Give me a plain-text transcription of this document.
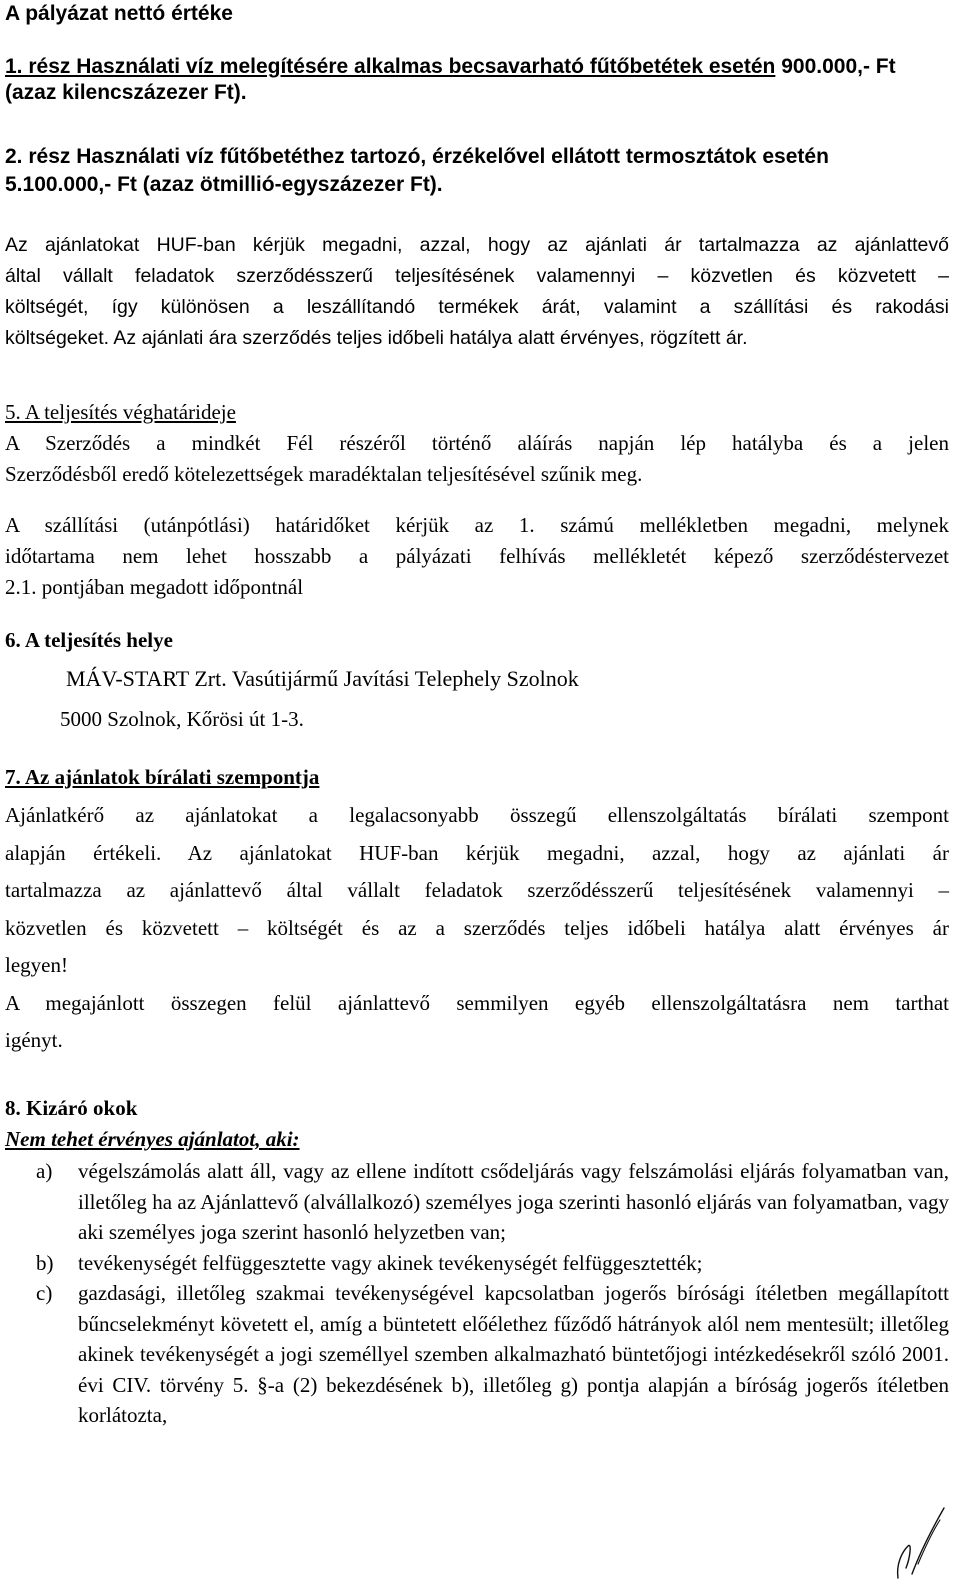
A pályázat nettó értéke
1. rész Használati víz melegítésére alkalmas becsavarható fűtőbetétek esetén 900.000,- Ft
(azaz kilencszázezer Ft).
2. rész Használati víz fűtőbetéthez tartozó, érzékelővel ellátott termosztátok esetén
5.100.000,- Ft (azaz ötmillió-egyszázezer Ft).
Az ajánlatokat HUF-ban kérjük megadni, azzal, hogy az ajánlati ár tartalmazza az ajánlattevő
által vállalt feladatok szerződésszerű teljesítésének valamennyi – közvetlen és közvetett –
költségét, így különösen a leszállítandó termékek árát, valamint a szállítási és rakodási
költségeket. Az ajánlati ára szerződés teljes időbeli hatálya alatt érvényes, rögzített ár.
5. A teljesítés véghatárideje
A Szerződés a mindkét Fél részéről történő aláírás napján lép hatályba és a jelen
Szerződésből eredő kötelezettségek maradéktalan teljesítésével szűnik meg.
A szállítási (utánpótlási) határidőket kérjük az 1. számú mellékletben megadni, melynek
időtartama nem lehet hosszabb a pályázati felhívás mellékletét képező szerződéstervezet
2.1. pontjában megadott időpontnál
6. A teljesítés helye
MÁV-START Zrt. Vasútijármű Javítási Telephely Szolnok
5000 Szolnok, Kőrösi út 1-3.
7. Az ajánlatok bírálati szempontja
Ajánlatkérő az ajánlatokat a legalacsonyabb összegű ellenszolgáltatás bírálati szempont
alapján értékeli. Az ajánlatokat HUF-ban kérjük megadni, azzal, hogy az ajánlati ár
tartalmazza az ajánlattevő által vállalt feladatok szerződésszerű teljesítésének valamennyi –
közvetlen és közvetett – költségét és az a szerződés teljes időbeli hatálya alatt érvényes ár
legyen!
A megajánlott összegen felül ajánlattevő semmilyen egyéb ellenszolgáltatásra nem tarthat
igényt.
8. Kizáró okok
Nem tehet érvényes ajánlatot, aki:

a) végelszámolás alatt áll, vagy az ellene indított csődeljárás vagy felszámolási eljárás folyamatban van, illetőleg ha az Ajánlattevő (alvállalkozó) személyes joga szerinti hasonló eljárás van folyamatban, vagy aki személyes joga szerint hasonló helyzetben van;

b) tevékenységét felfüggesztette vagy akinek tevékenységét felfüggesztették;

c) gazdasági, illetőleg szakmai tevékenységével kapcsolatban jogerős bírósági ítéletben megállapított bűncselekményt követett el, amíg a büntetett előélethez fűződő hátrányok alól nem mentesült; illetőleg akinek tevékenységét a jogi személlyel szemben alkalmazható büntetőjogi intézkedésekről szóló 2001. évi CIV. törvény 5. §-a (2) bekezdésének b), illetőleg g) pontja alapján a bíróság jogerős ítéletben korlátozta,
